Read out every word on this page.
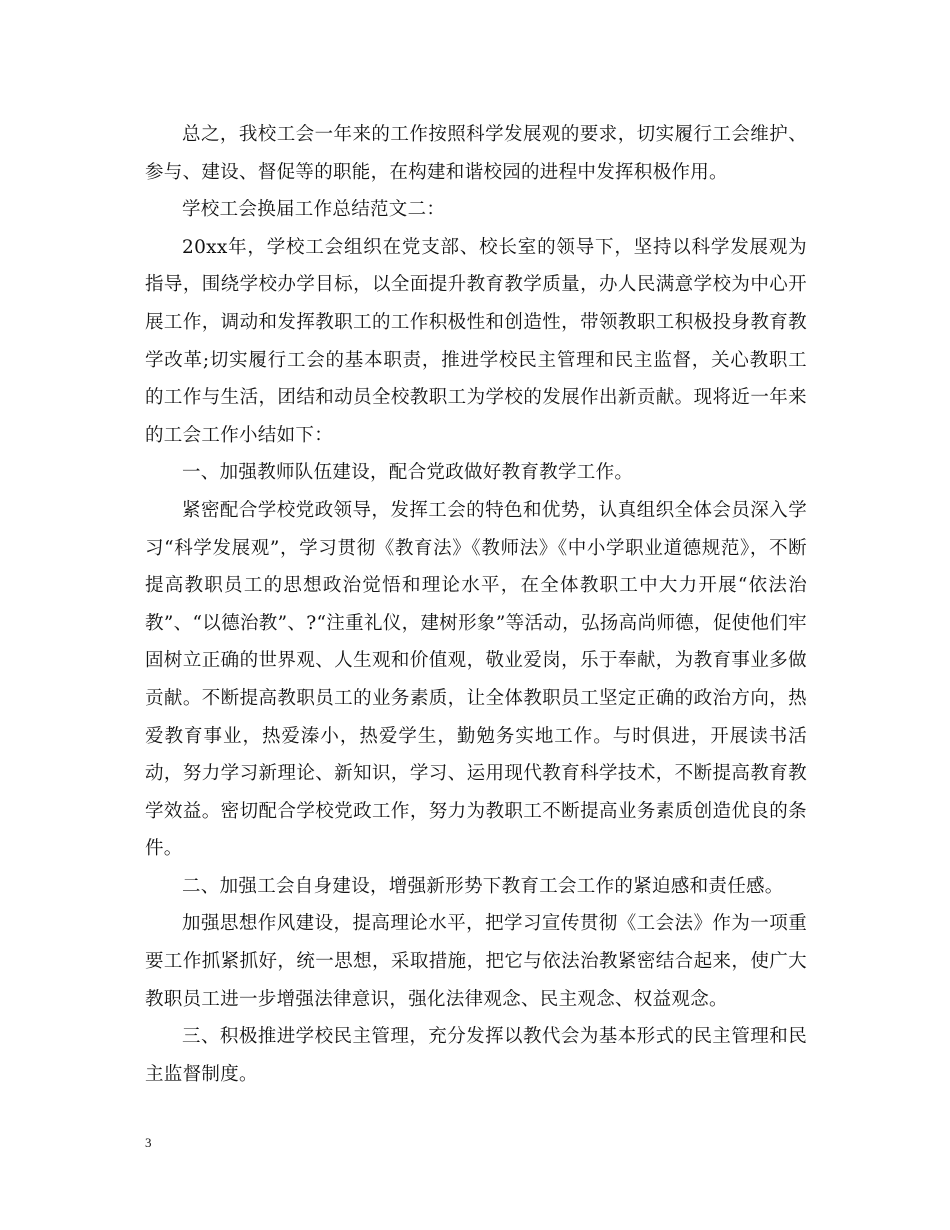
总之，我校工会一年来的工作按照科学发展观的要求，切实履行工会维护、参与、建设、督促等的职能，在构建和谐校园的进程中发挥积极作用。

学校工会换届工作总结范文二：

20xx年，学校工会组织在党支部、校长室的领导下，坚持以科学发展观为指导，围绕学校办学目标，以全面提升教育教学质量，办人民满意学校为中心开展工作，调动和发挥教职工的工作积极性和创造性，带领教职工积极投身教育教学改革;切实履行工会的基本职责，推进学校民主管理和民主监督，关心教职工的工作与生活，团结和动员全校教职工为学校的发展作出新贡献。现将近一年来的工会工作小结如下：

一、加强教师队伍建设，配合党政做好教育教学工作。

紧密配合学校党政领导，发挥工会的特色和优势，认真组织全体会员深入学习“科学发展观”，学习贯彻《教育法》《教师法》《中小学职业道德规范》，不断提高教职员工的思想政治觉悟和理论水平，在全体教职工中大力开展“依法治教”、“以德治教”、?“注重礼仪，建树形象”等活动，弘扬高尚师德，促使他们牢固树立正确的世界观、人生观和价值观，敬业爱岗，乐于奉献，为教育事业多做贡献。不断提高教职员工的业务素质，让全体教职员工坚定正确的政治方向，热爱教育事业，热爱溱小，热爱学生，勤勉务实地工作。与时俱进，开展读书活动，努力学习新理论、新知识，学习、运用现代教育科学技术，不断提高教育教学效益。密切配合学校党政工作，努力为教职工不断提高业务素质创造优良的条件。

二、加强工会自身建设，增强新形势下教育工会工作的紧迫感和责任感。

加强思想作风建设，提高理论水平，把学习宣传贯彻《工会法》作为一项重要工作抓紧抓好，统一思想，采取措施，把它与依法治教紧密结合起来，使广大教职员工进一步增强法律意识，强化法律观念、民主观念、权益观念。

三、积极推进学校民主管理，充分发挥以教代会为基本形式的民主管理和民主监督制度。

3
